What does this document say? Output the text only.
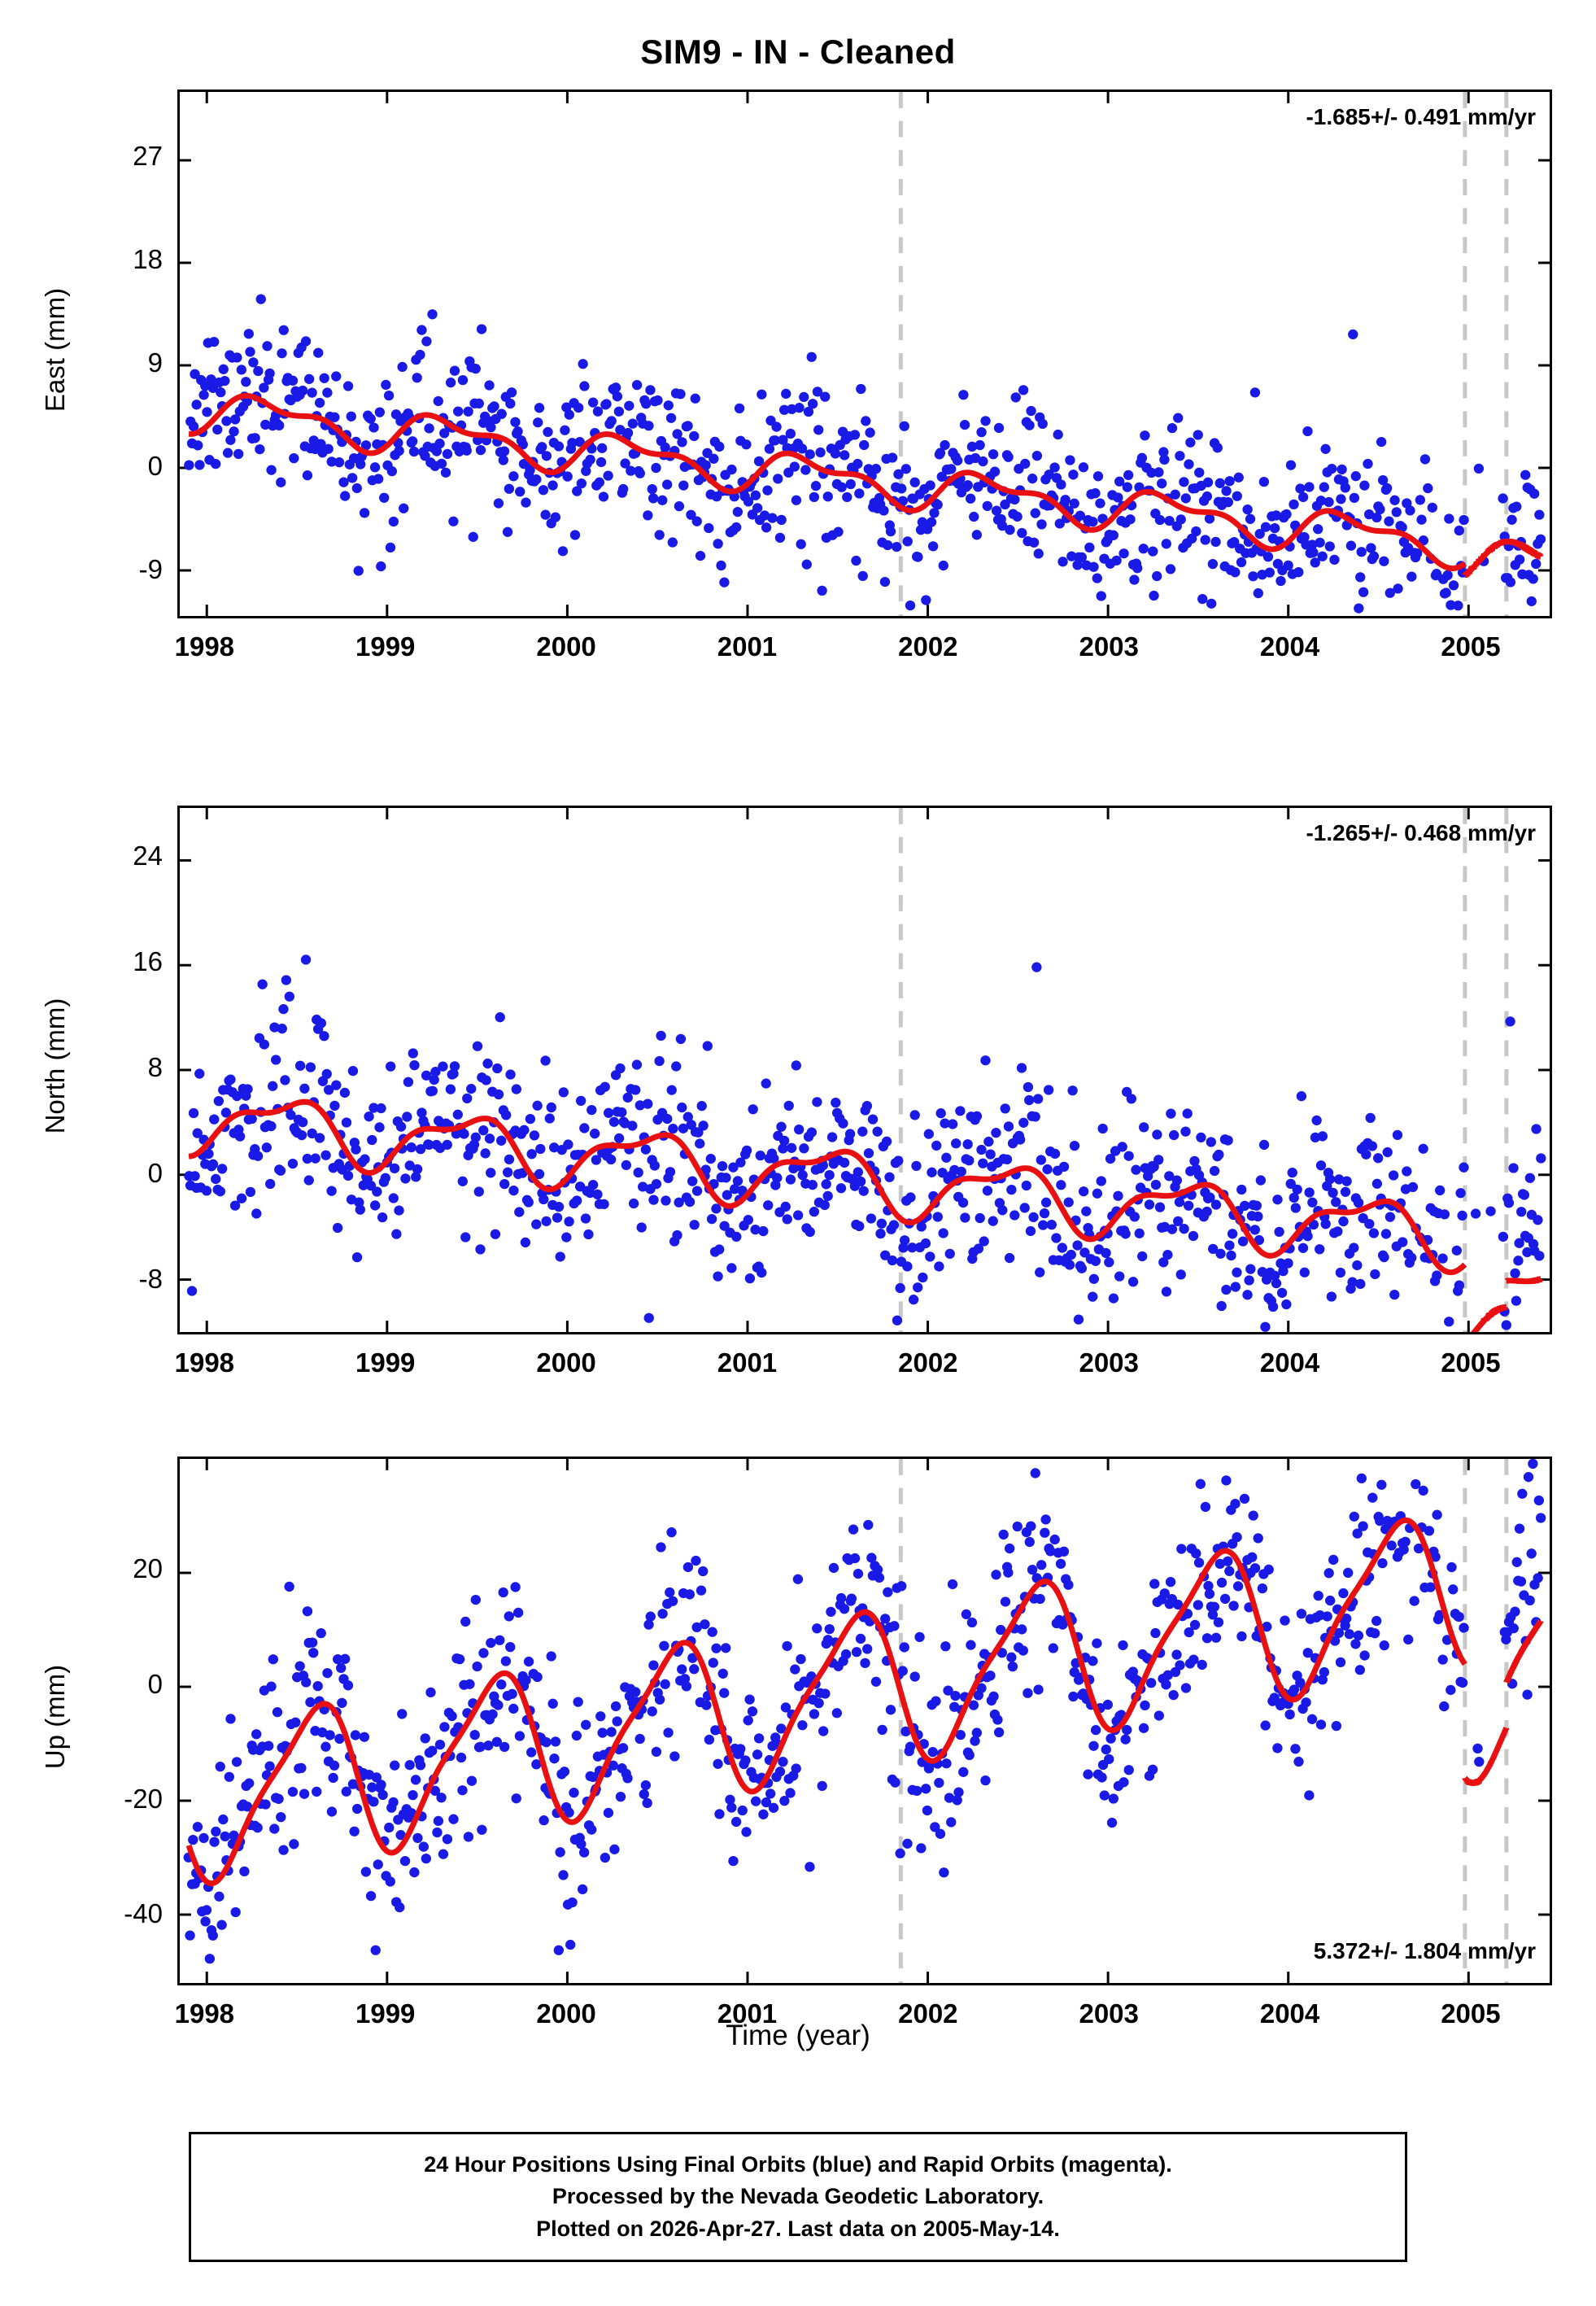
SIM9 - IN - Cleaned
East (mm)
27
18
9
0
-9
-1.685+/- 0.491 mm/yr
North (mm)
24
16
8
0
-8
-1.265+/- 0.468 mm/yr
Up (mm)
20
0
-20
-40
5.372+/- 1.804 mm/yr
Time (year)
24 Hour Positions Using Final Orbits (blue) and Rapid Orbits (magenta).
Processed by the Nevada Geodetic Laboratory.
Plotted on 2026-Apr-27. Last data on 2005-May-14.
1998	1999	2000	2001	2002	2003	2004	2005
1998	1999	2000	2001	2002	2003	2004	2005
1998	1999	2000	2001	2002	2003	2004	2005
